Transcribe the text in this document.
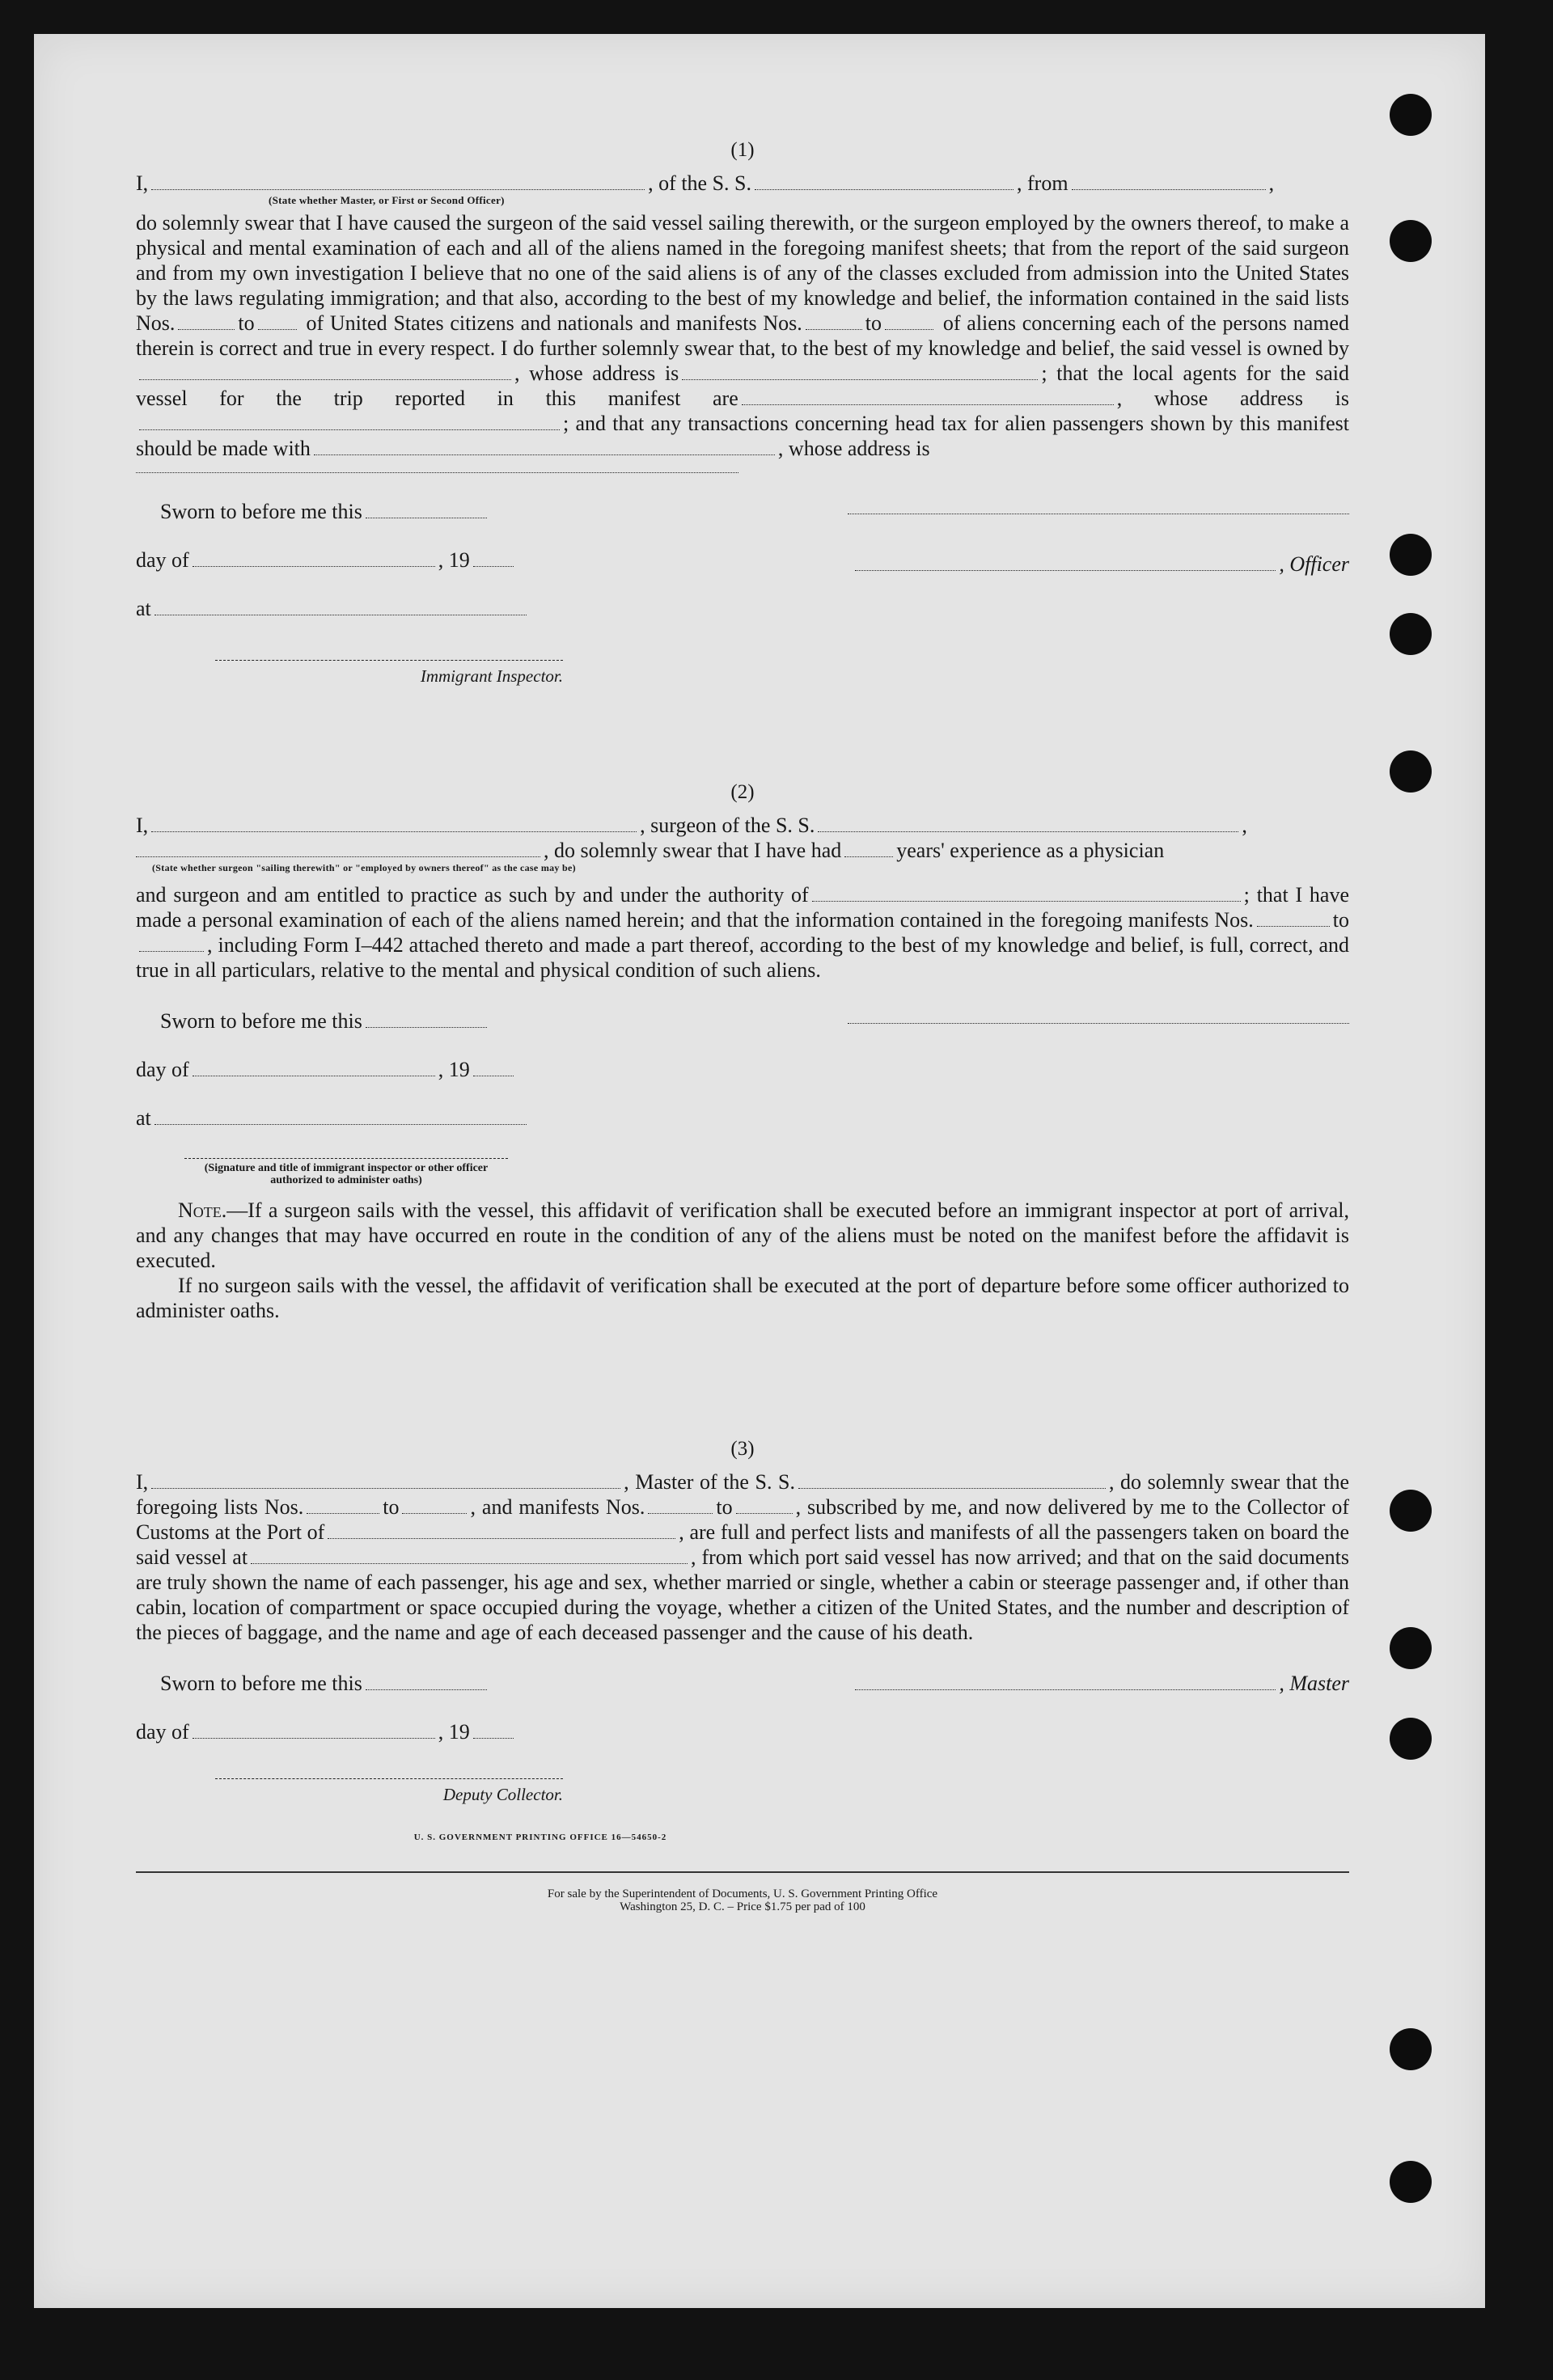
(1)

I,	, of the S. S.	, from	,

(State whether Master, or First or Second Officer)

do solemnly swear that I have caused the surgeon of the said vessel sailing therewith, or the surgeon employed by the owners thereof, to make a physical and mental examination of each and all of the aliens named in the foregoing manifest sheets; that from the report of the said surgeon and from my own investigation I believe that no one of the said aliens is of any of the classes excluded from admission into the United States by the laws regulating immigration; and that also, according to the best of my knowledge and belief, the information contained in the said lists Nos.	to of United States citizens and nationals and manifests Nos.	to	of aliens concerning each of the persons named therein is correct and true in every respect. I do further solemnly swear that, to the best of my knowledge and belief, the said vessel is owned by, whose address is	; that the local agents for the said vessel for the trip reported in this manifest are	, whose address is; and that any transactions concerning head tax for alien passengers shown by this manifest should be made with	, whose address is

Sworn to before me this
day of	, 19
at
, Officer
Immigrant Inspector.
(2)

I,	, surgeon of the S. S.	,

, do solemnly swear that I have had	years' experience as a physician

(State whether surgeon "sailing therewith" or "employed by owners thereof" as the case may be)

and surgeon and am entitled to practice as such by and under the authority of	; that I have made a personal examination of each of the aliens named herein; and that the information contained in the foregoing manifests Nos.	to, including Form I–442 attached thereto and made a part thereof, according to the best of my knowledge and belief, is full, correct, and true in all particulars, relative to the mental and physical condition of such aliens.

Sworn to before me this
day of	, 19
at
(Signature and title of immigrant inspector or other officer authorized to administer oaths)

Note.—If a surgeon sails with the vessel, this affidavit of verification shall be executed before an immigrant inspector at port of arrival, and any changes that may have occurred en route in the condition of any of the aliens must be noted on the manifest before the affidavit is executed.

If no surgeon sails with the vessel, the affidavit of verification shall be executed at the port of departure before some officer authorized to administer oaths.

(3)

I,	, Master of the S. S.	, do solemnly swear that the foregoing lists Nos.	to	, and manifests Nos.	to	, subscribed by me, and now delivered by me to the Collector of Customs at the Port of	, are full and perfect lists and manifests of all the passengers taken on board the said vessel at	, from which port said vessel has now arrived; and that on the said documents are truly shown the name of each passenger, his age and sex, whether married or single, whether a cabin or steerage passenger and, if other than cabin, location of compartment or space occupied during the voyage, whether a citizen of the United States, and the number and description of the pieces of baggage, and the name and age of each deceased passenger and the cause of his death.

Sworn to before me this
day of	, 19
, Master
Deputy Collector.
U. S. GOVERNMENT PRINTING OFFICE 16—54650-2
For sale by the Superintendent of Documents, U. S. Government Printing Office
Washington 25, D. C. – Price $1.75 per pad of 100
